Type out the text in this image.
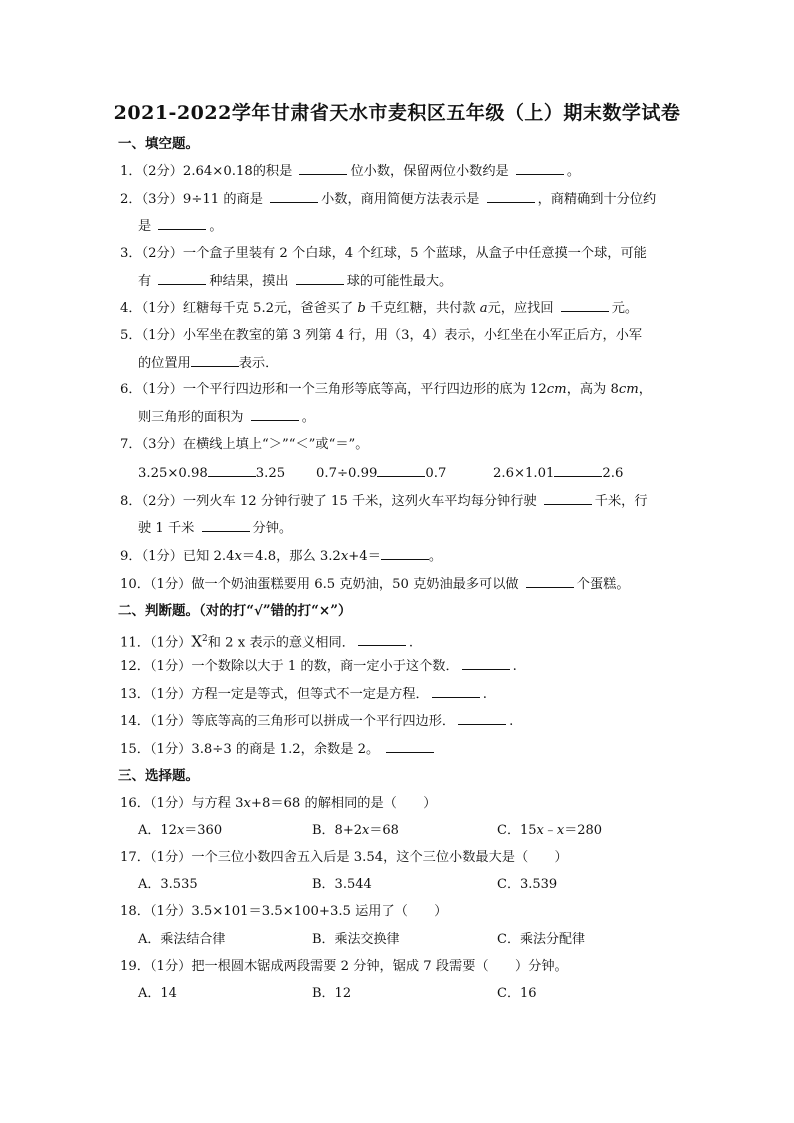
2021-2022学年甘肃省天水市麦积区五年级（上）期末数学试卷
一、填空题。
1．（2分）2.64×0.18的积是	位小数，保留两位小数约是	。
2．（3分）9÷11 的商是	小数，商用简便方法表示是	，商精确到十分位约
是	。
3．（2分）一个盒子里装有 2 个白球，4 个红球，5 个蓝球，从盒子中任意摸一个球，可能
有	种结果，摸出	球的可能性最大。
4．（1分）红糖每千克 5.2元，爸爸买了 b 千克红糖，共付款 a元，应找回	元。
5．（1分）小军坐在教室的第 3 列第 4 行，用（3，4）表示，小红坐在小军正后方，小军
的位置用	表示．
6．（1分）一个平行四边形和一个三角形等底等高，平行四边形的底为 12cm，高为 8cm，
则三角形的面积为	。
7．（3分）在横线上填上“＞”“＜”或“＝”。
3.25×0.98	3.25 0.7÷0.99	0.7	2.6×1.01	2.6
8．（2分）一列火车 12 分钟行驶了 15 千米，这列火车平均每分钟行驶	千米，行
驶 1 千米	分钟。
9．（1分）已知 2.4x＝4.8，那么 3.2x+4＝	。
10．（1分）做一个奶油蛋糕要用 6.5 克奶油，50 克奶油最多可以做	个蛋糕。
二、判断题。（对的打“√”错的打“×”）
11．（1分）$X^2$和 2 x 表示的意义相同．	.
12．（1分）一个数除以大于 1 的数，商一定小于这个数．	.
13．（1分）方程一定是等式，但等式不一定是方程．	.
14．（1分）等底等高的三角形可以拼成一个平行四边形．	.
15．（1分）3.8÷3 的商是 1.2，余数是 2。
三、选择题。
16．（1分）与方程 3x+8＝68 的解相同的是（　　）
A．12x＝360	B．8+2x＝68	C．15x﹣x＝280
17．（1分）一个三位小数四舍五入后是 3.54，这个三位小数最大是（　　）
A．3.535	B．3.544	C．3.539
18．（1分）3.5×101＝3.5×100+3.5 运用了（　　）
A．乘法结合律	B．乘法交换律	C．乘法分配律
19．（1分）把一根圆木锯成两段需要 2 分钟，锯成 7 段需要（　　）分钟。
A．14	B．12	C．16
